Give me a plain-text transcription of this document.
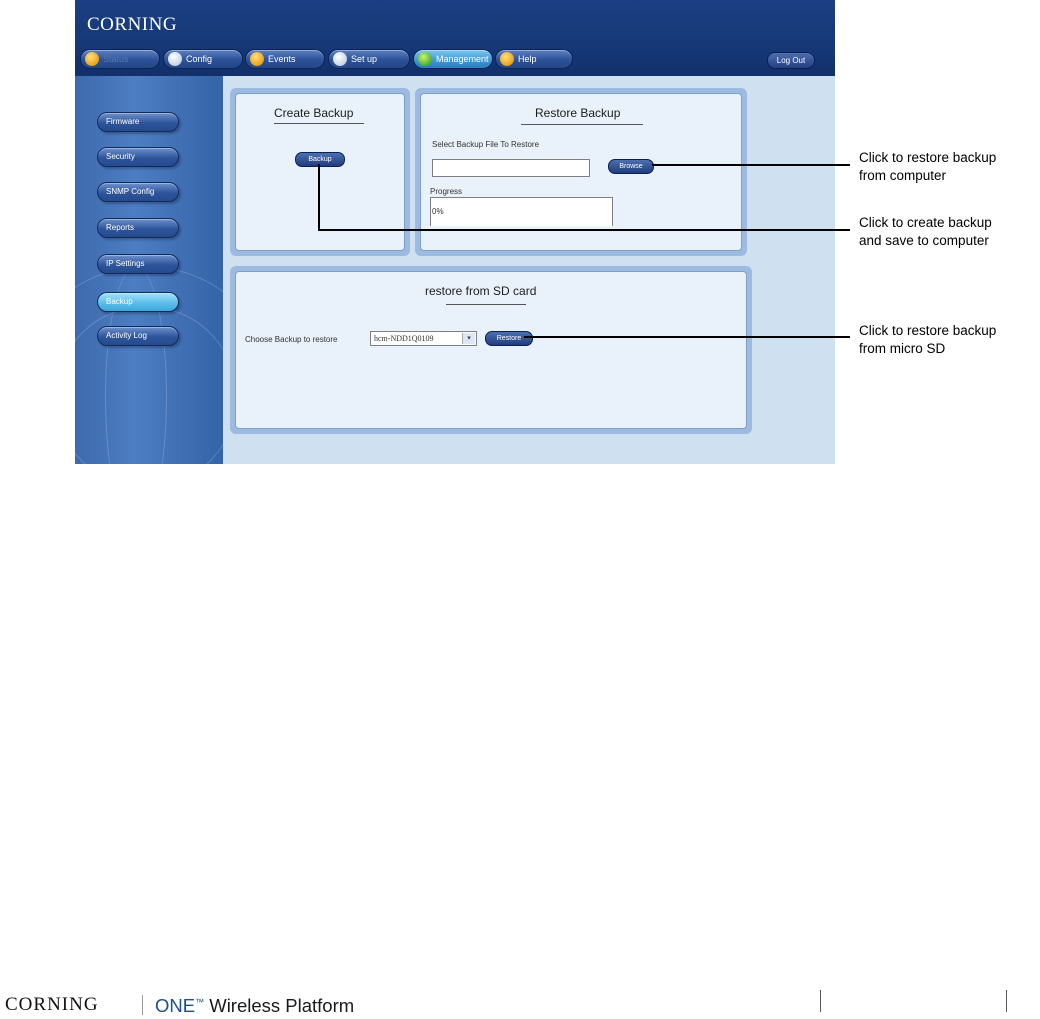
CORNING
Status	Config	Events	Set up	Management	Help	Log Out
Firmware
Security
SNMP Config
Reports
IP Settings
Backup
Activity Log
Create Backup
Backup
Restore Backup
Select Backup File To Restore
Browse
Progress
0%
restore from SD card
Choose Backup to restore	hcm-NDD1Q0109	▾	Restore
Click to restore backup
from computer
Click to create backup
and save to computer
Click to restore backup
from micro SD
CORNING	ONE™ Wireless Platform
